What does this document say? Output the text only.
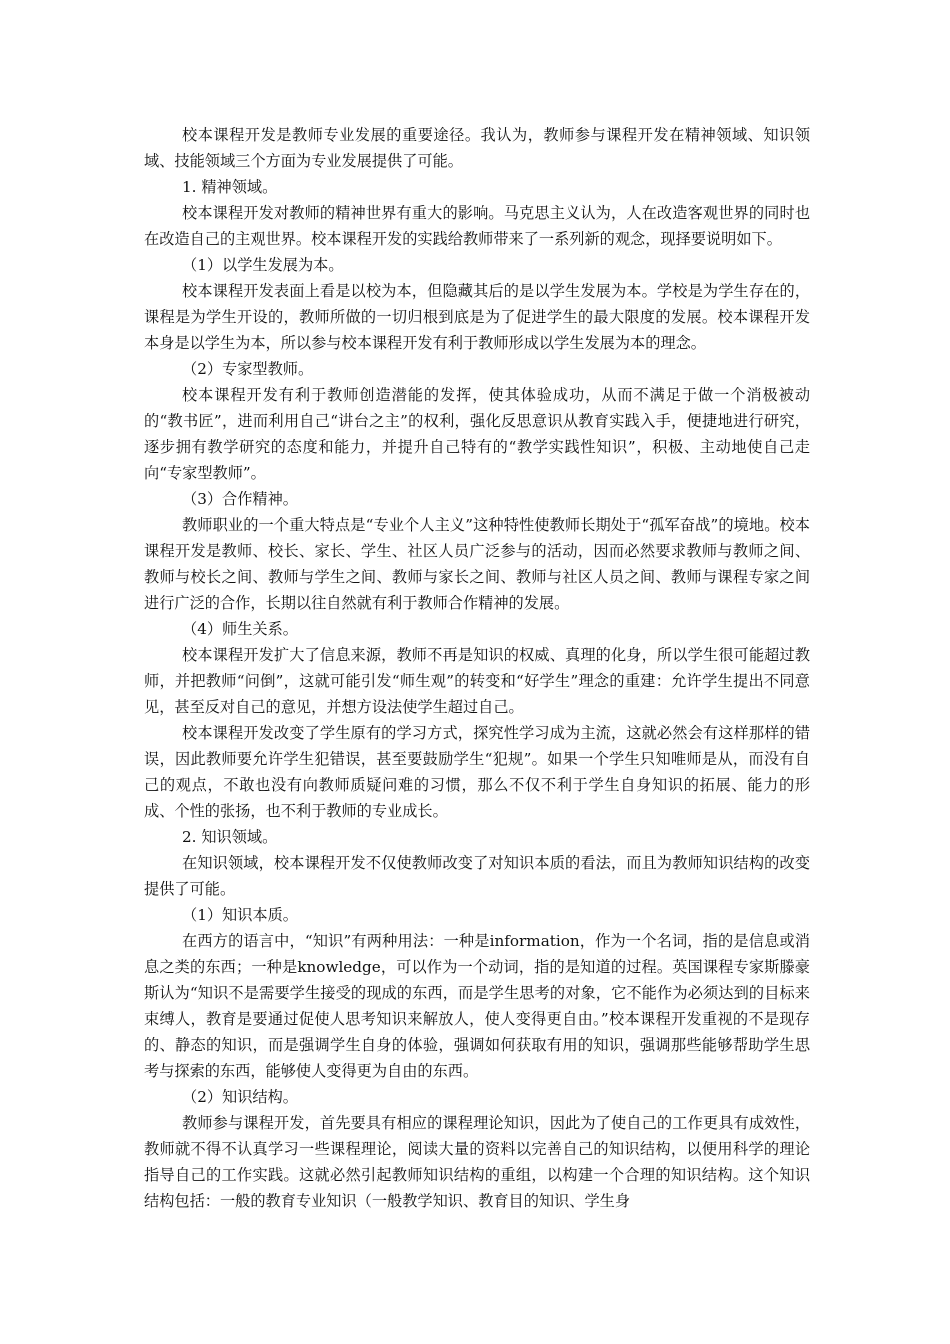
校本课程开发是教师专业发展的重要途径。我认为，教师参与课程开发在精神领域、知识领域、技能领域三个方面为专业发展提供了可能。

1. 精神领域。

校本课程开发对教师的精神世界有重大的影响。马克思主义认为，人在改造客观世界的同时也在改造自己的主观世界。校本课程开发的实践给教师带来了一系列新的观念，现择要说明如下。

（1）以学生发展为本。

校本课程开发表面上看是以校为本，但隐藏其后的是以学生发展为本。学校是为学生存在的，课程是为学生开设的，教师所做的一切归根到底是为了促进学生的最大限度的发展。校本课程开发本身是以学生为本，所以参与校本课程开发有利于教师形成以学生发展为本的理念。

（2）专家型教师。

校本课程开发有利于教师创造潜能的发挥，使其体验成功，从而不满足于做一个消极被动的“教书匠”，进而利用自己“讲台之主”的权利，强化反思意识从教育实践入手，便捷地进行研究，逐步拥有教学研究的态度和能力，并提升自己特有的“教学实践性知识”，积极、主动地使自己走向“专家型教师”。

（3）合作精神。

教师职业的一个重大特点是“专业个人主义”这种特性使教师长期处于“孤军奋战”的境地。校本课程开发是教师、校长、家长、学生、社区人员广泛参与的活动，因而必然要求教师与教师之间、教师与校长之间、教师与学生之间、教师与家长之间、教师与社区人员之间、教师与课程专家之间进行广泛的合作，长期以往自然就有利于教师合作精神的发展。

（4）师生关系。

校本课程开发扩大了信息来源，教师不再是知识的权威、真理的化身，所以学生很可能超过教师，并把教师“问倒”，这就可能引发“师生观”的转变和“好学生”理念的重建：允许学生提出不同意见，甚至反对自己的意见，并想方设法使学生超过自己。

校本课程开发改变了学生原有的学习方式，探究性学习成为主流，这就必然会有这样那样的错误，因此教师要允许学生犯错误，甚至要鼓励学生“犯规”。如果一个学生只知唯师是从，而没有自己的观点，不敢也没有向教师质疑问难的习惯，那么不仅不利于学生自身知识的拓展、能力的形成、个性的张扬，也不利于教师的专业成长。

2. 知识领域。

在知识领域，校本课程开发不仅使教师改变了对知识本质的看法，而且为教师知识结构的改变提供了可能。

（1）知识本质。

在西方的语言中，“知识”有两种用法：一种是information，作为一个名词，指的是信息或消息之类的东西；一种是knowledge，可以作为一个动词，指的是知道的过程。英国课程专家斯滕豪斯认为“知识不是需要学生接受的现成的东西，而是学生思考的对象，它不能作为必须达到的目标来束缚人，教育是要通过促使人思考知识来解放人，使人变得更自由。”校本课程开发重视的不是现存的、静态的知识，而是强调学生自身的体验，强调如何获取有用的知识，强调那些能够帮助学生思考与探索的东西，能够使人变得更为自由的东西。

（2）知识结构。

教师参与课程开发，首先要具有相应的课程理论知识，因此为了使自己的工作更具有成效性，教师就不得不认真学习一些课程理论，阅读大量的资料以完善自己的知识结构，以便用科学的理论指导自己的工作实践。这就必然引起教师知识结构的重组，以构建一个合理的知识结构。这个知识结构包括：一般的教育专业知识（一般教学知识、教育目的知识、学生身
